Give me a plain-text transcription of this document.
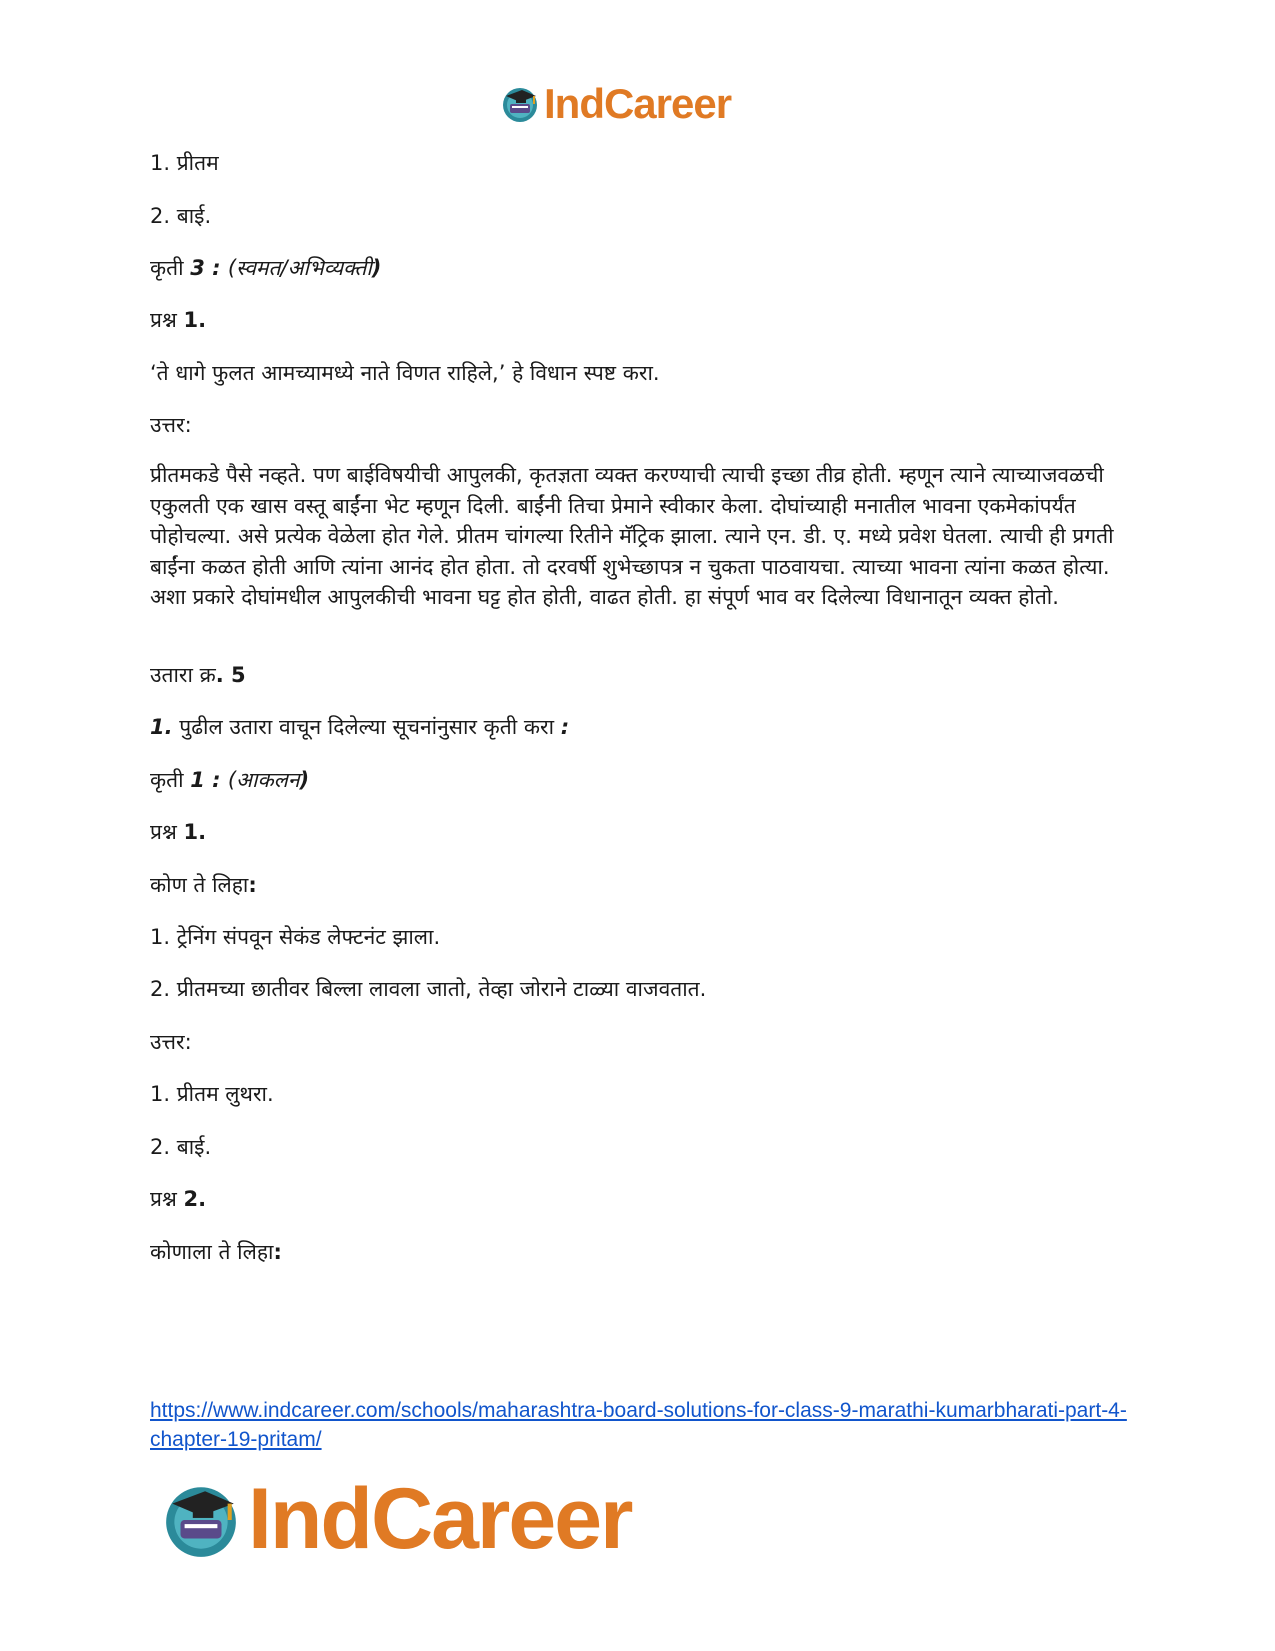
IndCareer

1. प्रीतम

2. बाई.

कृती 3 : (स्वमत/अभिव्यक्ती)

प्रश्न 1.

‘ते धागे फुलत आमच्यामध्ये नाते विणत राहिले,’ हे विधान स्पष्ट करा.

उत्तर:

प्रीतमकडे पैसे नव्हते. पण बाईविषयीची आपुलकी, कृतज्ञता व्यक्त करण्याची त्याची इच्छा तीव्र होती. म्हणून त्याने त्याच्याजवळची एकुलती एक खास वस्तू बाईंना भेट म्हणून दिली. बाईंनी तिचा प्रेमाने स्वीकार केला. दोघांच्याही मनातील भावना एकमेकांपर्यंत पोहोचल्या. असे प्रत्येक वेळेला होत गेले. प्रीतम चांगल्या रितीने मॅट्रिक झाला. त्याने एन. डी. ए. मध्ये प्रवेश घेतला. त्याची ही प्रगती बाईंना कळत होती आणि त्यांना आनंद होत होता. तो दरवर्षी शुभेच्छापत्र न चुकता पाठवायचा. त्याच्या भावना त्यांना कळत होत्या. अशा प्रकारे दोघांमधील आपुलकीची भावना घट्ट होत होती, वाढत होती. हा संपूर्ण भाव वर दिलेल्या विधानातून व्यक्त होतो.

उतारा क्र. 5

1. पुढील उतारा वाचून दिलेल्या सूचनांनुसार कृती करा :

कृती 1 : (आकलन)

प्रश्न 1.

कोण ते लिहा:

1. ट्रेनिंग संपवून सेकंड लेफ्टनंट झाला.

2. प्रीतमच्या छातीवर बिल्ला लावला जातो, तेव्हा जोराने टाळ्या वाजवतात.

उत्तर:

1. प्रीतम लुथरा.

2. बाई.

प्रश्न 2.

कोणाला ते लिहा:

https://www.indcareer.com/schools/maharashtra-board-solutions-for-class-9-marathi-kumarbharati-part-4-chapter-19-pritam/
IndCareer
